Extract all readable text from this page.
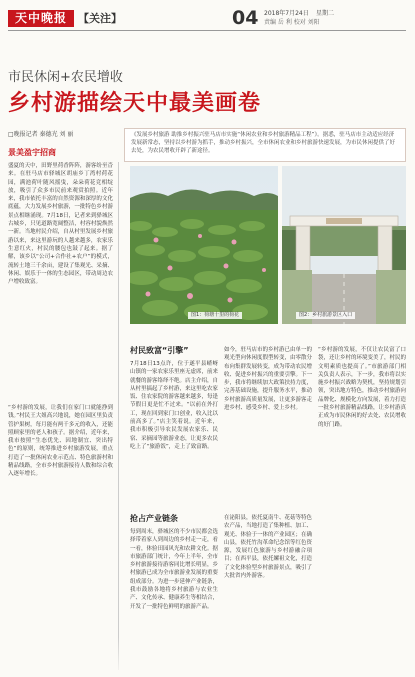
天中晚报	【关注】	04 2018年7月24日 星期二
责编 岳 利 校对 刘阳
市民休闲+农民增收
乡村游描绘天中最美画卷
□晚报记者 秦德光 刘 丽	《发展乡村旅游 助推乡村振兴驻马店市实施“休闲农业和乡村旅游精品工程”》。据悉，驻马店市主动适应经济发展新常态，坚持以乡村游为抓手，推动乡村振兴，全市休闲农业和乡村旅游快速发展，为市民休闲提供了好去处，为农民增收开辟了新途径。
景美盈宇招商
盛夏的天中，田野里荷香阵阵，游客纷至沓来。在驻马店市驿城区胡庙乡丁湾村荷花园，满池荷叶随风摇曳，朵朵荷花竞相绽放，吸引了众多市民前来观赏拍照。近年来，我市依托丰富的自然资源和深厚的文化底蕴，大力发展乡村旅游，一批特色乡村游景点相继涌现。7月18日，记者来到驿城区古城乡，只见道路宽阔整洁，村容村貌焕然一新。当地村民介绍，自从村里发展乡村旅游以来，来这里游玩的人越来越多，农家乐生意红火，村民的腰包也鼓了起来。据了解，该乡以“公司+合作社+农户”的模式，流转土地三千余亩，建设了集观光、采摘、休闲、娱乐于一体的生态园区，带动周边农户增收致富。
“乡村游的发展，让我们在家门口就能挣到钱。”村民王大姐高兴地说，她在园区里负责管护果树，每月能有两千多元的收入，还能照顾家里的老人和孩子。据介绍，近年来，我市按照“生态优先、因地制宜、突出特色”的原则，统筹推进乡村旅游发展，重点打造了一批休闲农业示范点、特色旅游村和精品线路，全市乡村旅游接待人数和综合收入逐年增长。
图1：荷塘十里的荷花	图2：乡村旅游景区入口
村民致富“引擎”
7月18日13点许，位于遂平县嵖岈山镇的一家农家乐里座无虚席，前来就餐的游客络绎不绝。店主介绍，自从村里搞起了乡村游，来这里吃农家饭、住农家院的游客越来越多，每逢节假日更是忙不过来。“以前在外打工，现在回到家门口创业，收入比以前高多了。”店主笑着说。近年来，我市积极引导农民发展农家乐、民宿、采摘园等旅游业态，让更多农民吃上了“旅游饭”，走上了致富路。
如今，驻马店市的乡村游已由单一的观光型向休闲度假型转变，由零散分布向集群发展转变，成为带动农民增收、促进乡村振兴的重要引擎。下一步，我市将继续加大政策扶持力度，完善基础设施，提升服务水平，推动乡村旅游高质量发展，让更多游客走进乡村、感受乡村、爱上乡村。
抢占产业链条
每到周末，驿城区的不少市民都会选择带着家人到周边的乡村走一走，看一看，体验田园风光和农耕文化。据市旅游部门统计，今年上半年，全市乡村旅游接待游客同比增长明显，乡村旅游已成为全市旅游业发展的重要组成部分。为进一步延伸产业链条，我市鼓励各地将乡村旅游与农业生产、文化传承、健康养生等相结合，开发了一批特色鲜明的旅游产品。
在泌阳县，依托夏南牛、花菇等特色农产品，当地打造了集种植、加工、观光、体验于一体的产业园区；在确山县，依托竹沟革命纪念馆等红色资源，发展红色旅游与乡村游融合项目；在西平县，依托嫘祖文化，打造了文化体验型乡村旅游景点，吸引了大批省内外游客。
“乡村游的发展，不仅让农民富了口袋，还让乡村的环境变美了，村民的文明素质也提高了。”市旅游部门相关负责人表示，下一步，我市将以实施乡村振兴战略为契机，坚持规划引领，突出地方特色，推动乡村旅游向品牌化、规模化方向发展，着力打造一批乡村旅游精品线路，让乡村游真正成为市民休闲的好去处、农民增收的好门路。
